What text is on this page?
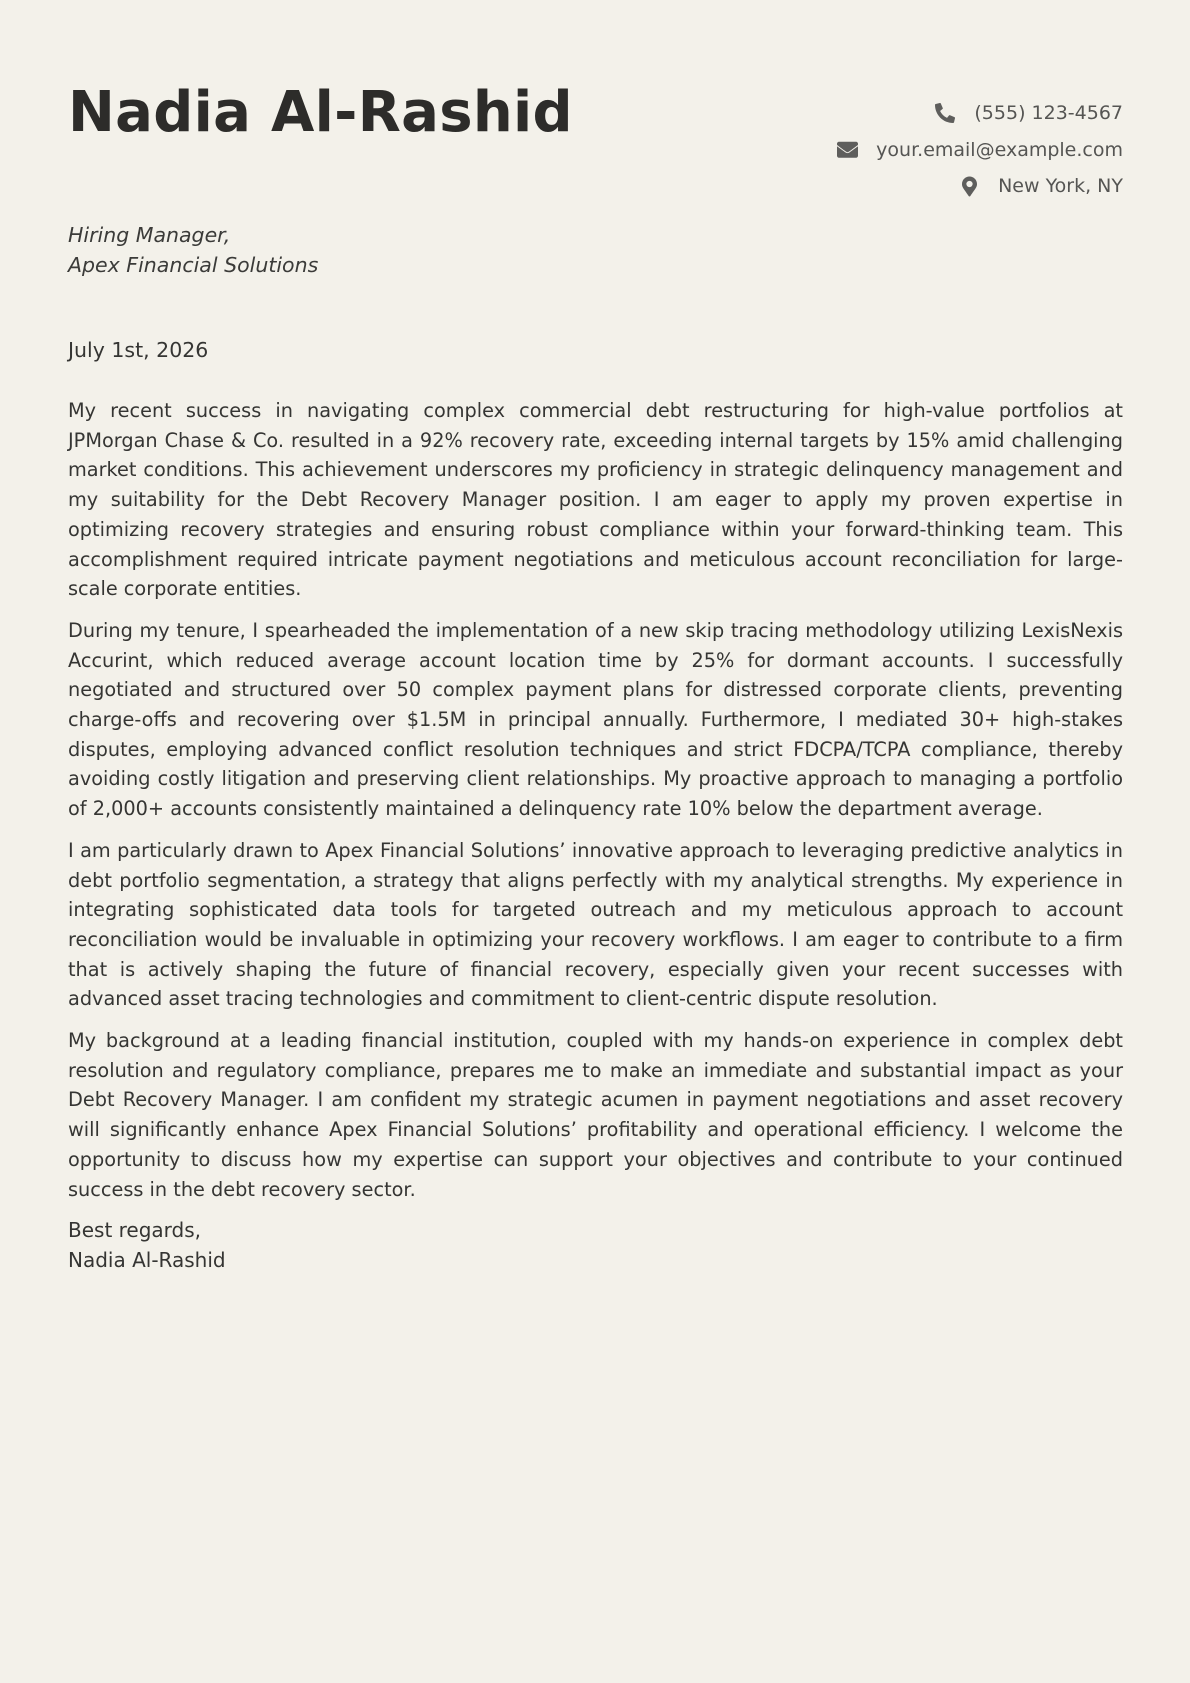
Nadia Al-Rashid	(555) 123-4567
your.email@example.com
New York, NY
Hiring Manager,
Apex Financial Solutions
July 1st, 2026

My recent success in navigating complex commercial debt restructuring for high-value portfolios at JPMorgan Chase & Co. resulted in a 92% recovery rate, exceeding internal targets by 15% amid challenging market conditions. This achievement underscores my proficiency in strategic delinquency management and my suitability for the Debt Recovery Manager position. I am eager to apply my proven expertise in optimizing recovery strategies and ensuring robust compliance within your forward-thinking team. This accomplishment required intricate payment negotiations and meticulous account reconciliation for large-scale corporate entities.

During my tenure, I spearheaded the implementation of a new skip tracing methodology utilizing LexisNexis Accurint, which reduced average account location time by 25% for dormant accounts. I successfully negotiated and structured over 50 complex payment plans for distressed corporate clients, preventing charge-offs and recovering over $1.5M in principal annually. Furthermore, I mediated 30+ high-stakes disputes, employing advanced conflict resolution techniques and strict FDCPA/TCPA compliance, thereby avoiding costly litigation and preserving client relationships. My proactive approach to managing a portfolio of 2,000+ accounts consistently maintained a delinquency rate 10% below the department average.

I am particularly drawn to Apex Financial Solutions’ innovative approach to leveraging predictive analytics in debt portfolio segmentation, a strategy that aligns perfectly with my analytical strengths. My experience in integrating sophisticated data tools for targeted outreach and my meticulous approach to account reconciliation would be invaluable in optimizing your recovery workflows. I am eager to contribute to a firm that is actively shaping the future of financial recovery, especially given your recent successes with advanced asset tracing technologies and commitment to client-centric dispute resolution.

My background at a leading financial institution, coupled with my hands-on experience in complex debt resolution and regulatory compliance, prepares me to make an immediate and substantial impact as your Debt Recovery Manager. I am confident my strategic acumen in payment negotiations and asset recovery will significantly enhance Apex Financial Solutions’ profitability and operational efficiency. I welcome the opportunity to discuss how my expertise can support your objectives and contribute to your continued success in the debt recovery sector.

Best regards,
Nadia Al-Rashid
